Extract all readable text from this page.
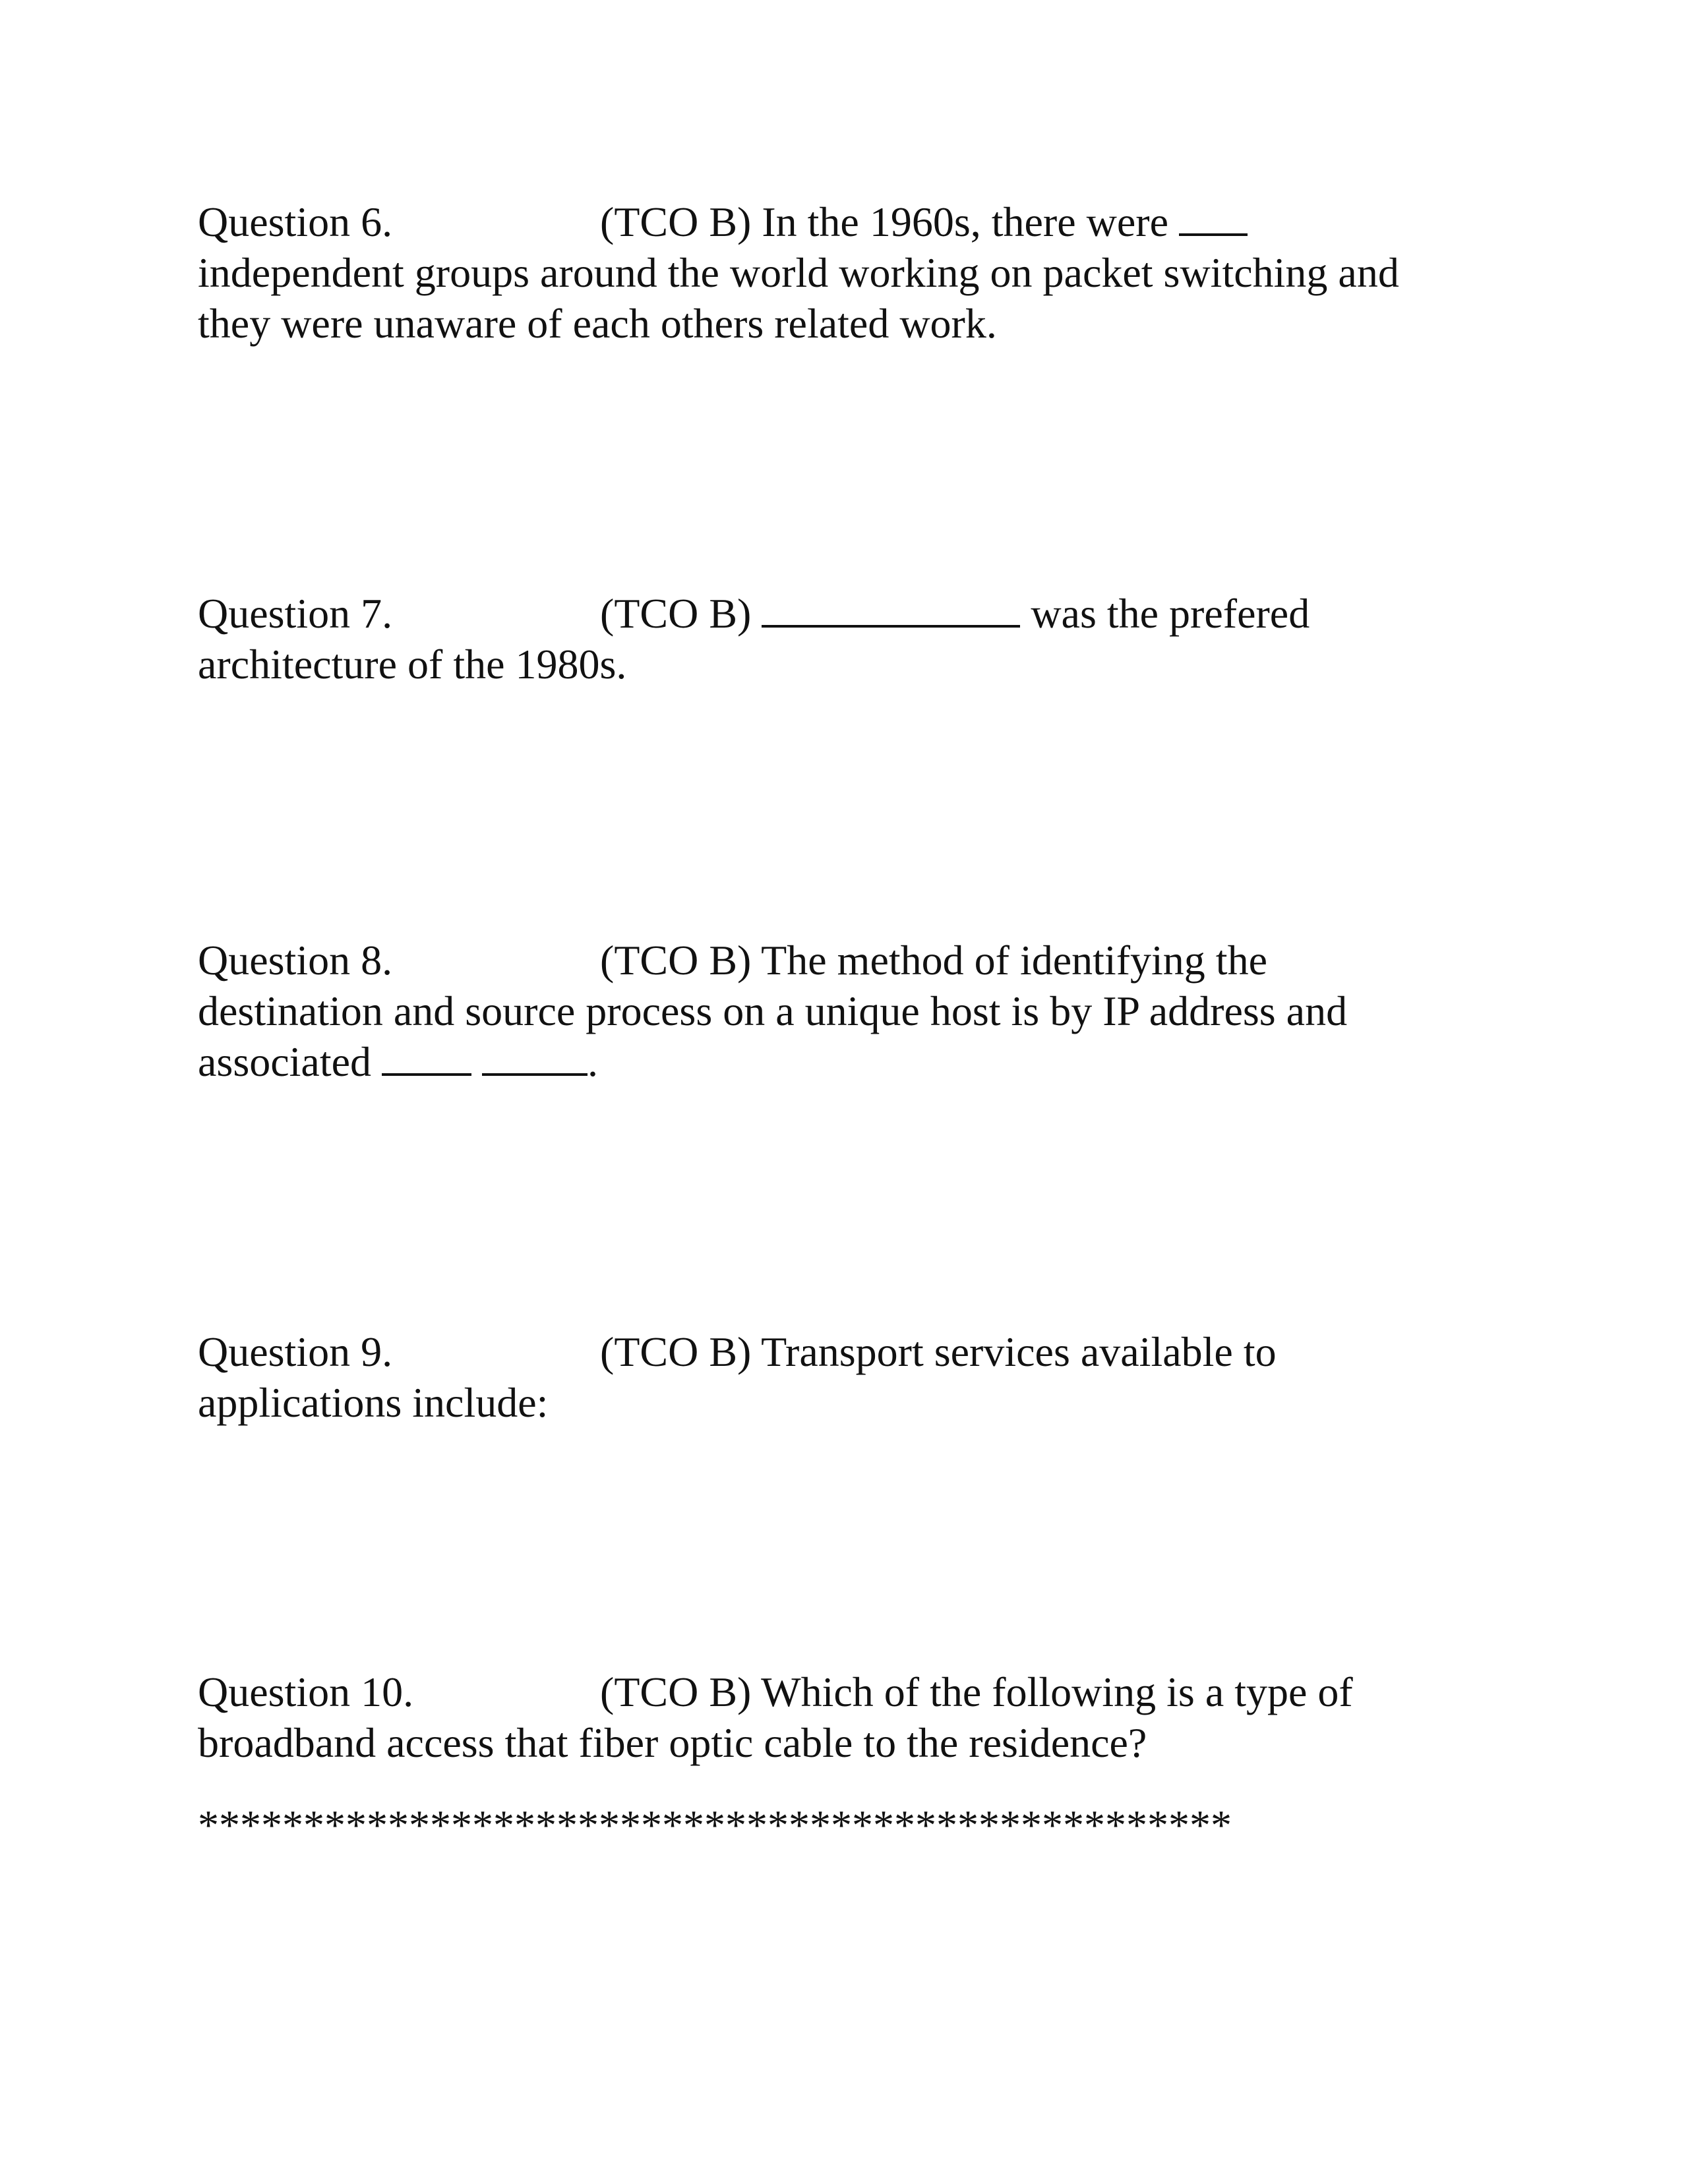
Question 6.	(TCO B) In the 1960s, there were
independent groups around the world working on packet switching and
they were unaware of each others related work.
Question 7.	(TCO B)	was the prefered
architecture of the 1980s.
Question 8.	(TCO B) The method of identifying the
destination and source process on a unique host is by IP address and
associated	.
Question 9.	(TCO B) Transport services available to
applications include:
Question 10.	(TCO B) Which of the following is a type of
broadband access that fiber optic cable to the residence?
*************************************************
